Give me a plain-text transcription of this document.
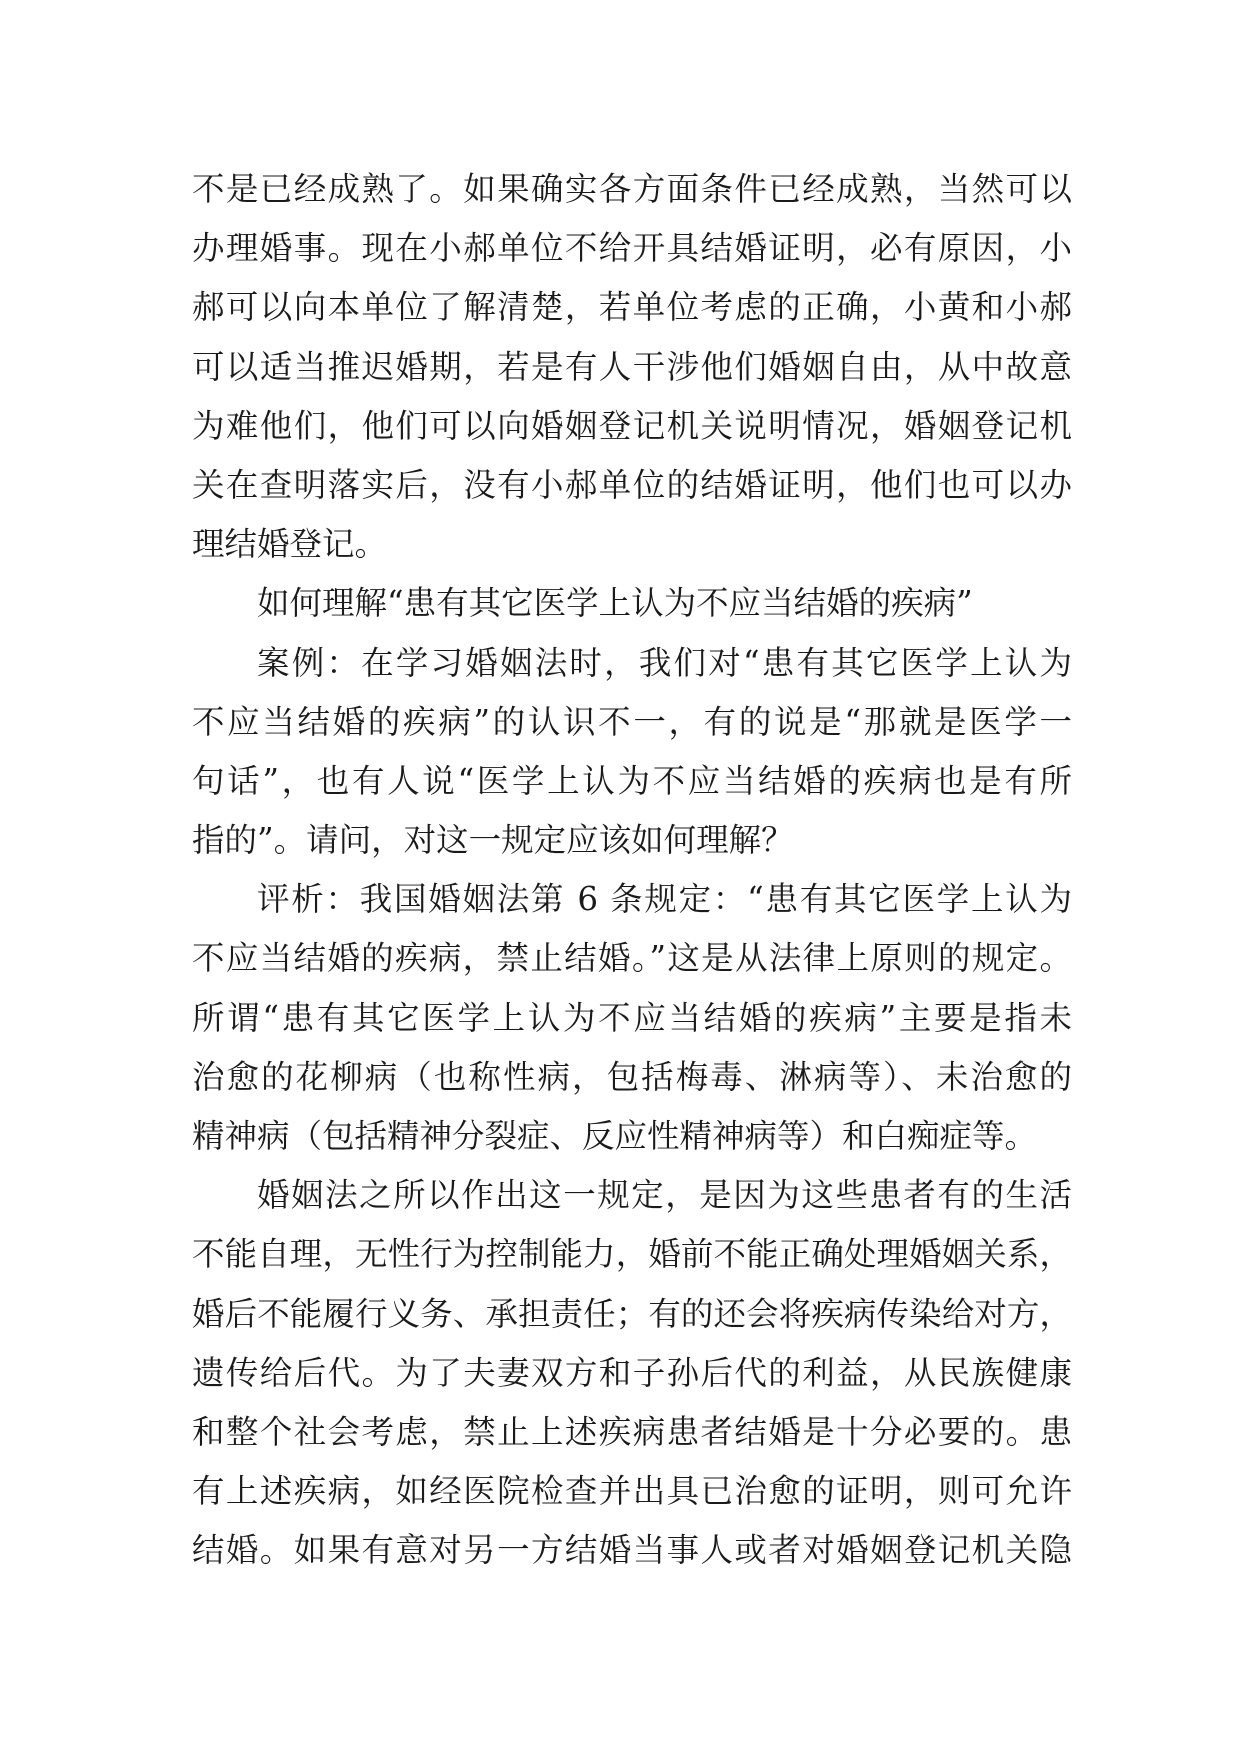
不是已经成熟了。如果确实各方面条件已经成熟，当然可以
办理婚事。现在小郝单位不给开具结婚证明，必有原因，小
郝可以向本单位了解清楚，若单位考虑的正确，小黄和小郝
可以适当推迟婚期，若是有人干涉他们婚姻自由，从中故意
为难他们，他们可以向婚姻登记机关说明情况，婚姻登记机
关在查明落实后，没有小郝单位的结婚证明，他们也可以办
理结婚登记。
如何理解“患有其它医学上认为不应当结婚的疾病”
案例：在学习婚姻法时，我们对“患有其它医学上认为
不应当结婚的疾病”的认识不一，有的说是“那就是医学一
句话”，也有人说“医学上认为不应当结婚的疾病也是有所
指的”。请问，对这一规定应该如何理解？
评析：我国婚姻法第 6 条规定：“患有其它医学上认为
不应当结婚的疾病，禁止结婚。”这是从法律上原则的规定。
所谓“患有其它医学上认为不应当结婚的疾病”主要是指未
治愈的花柳病（也称性病，包括梅毒、淋病等）、未治愈的
精神病（包括精神分裂症、反应性精神病等）和白痴症等。
婚姻法之所以作出这一规定，是因为这些患者有的生活
不能自理，无性行为控制能力，婚前不能正确处理婚姻关系，
婚后不能履行义务、承担责任；有的还会将疾病传染给对方，
遗传给后代。为了夫妻双方和子孙后代的利益，从民族健康
和整个社会考虑，禁止上述疾病患者结婚是十分必要的。患
有上述疾病，如经医院检查并出具已治愈的证明，则可允许
结婚。如果有意对另一方结婚当事人或者对婚姻登记机关隐
